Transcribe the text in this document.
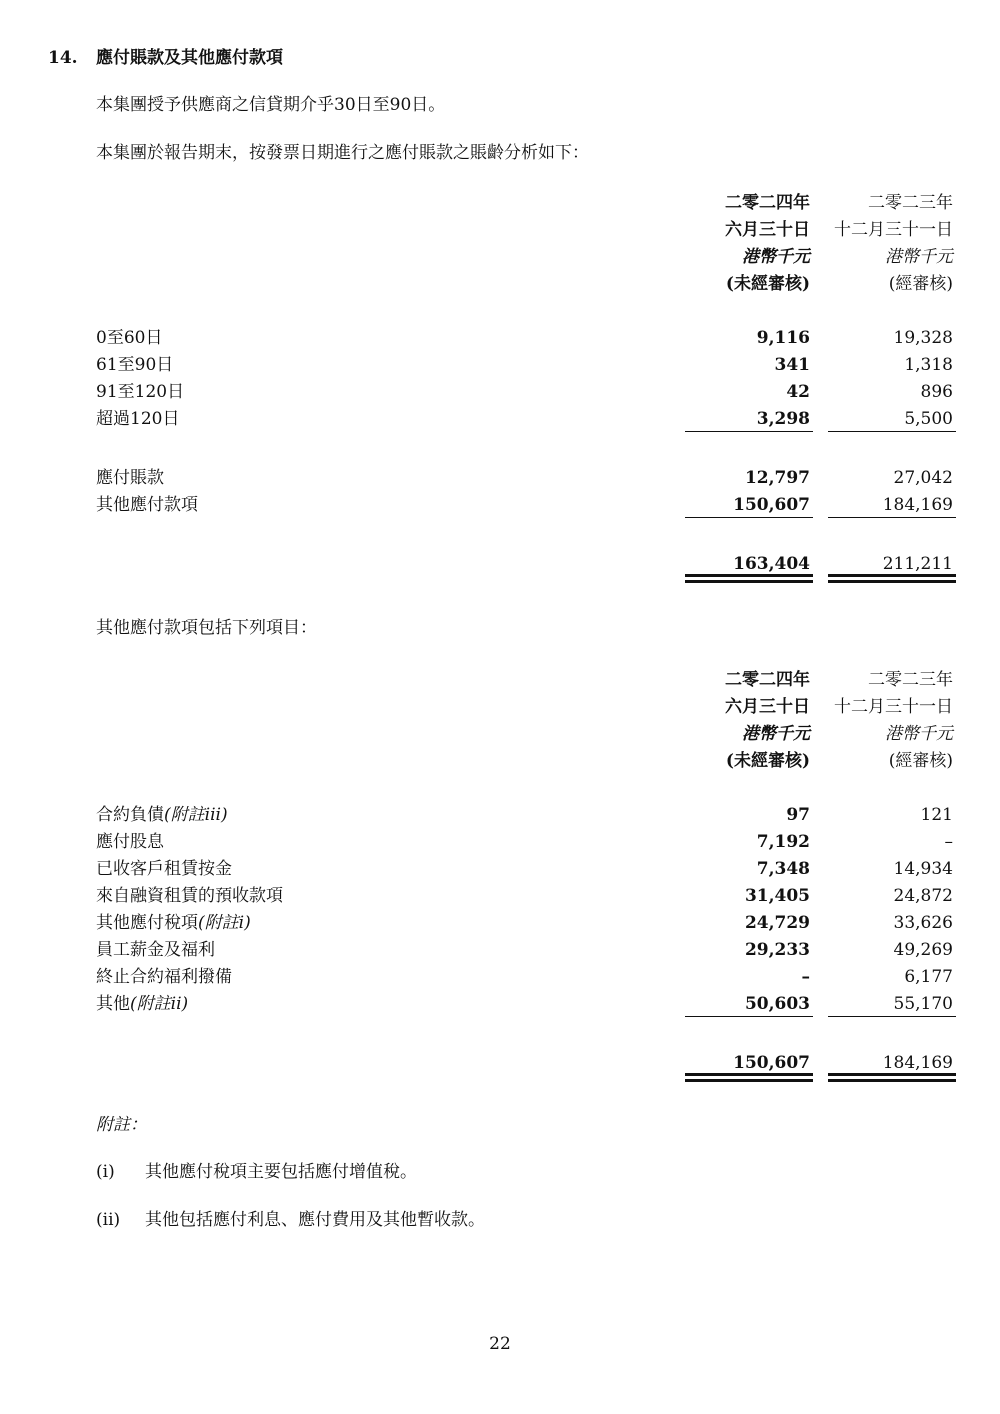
14. 應付賬款及其他應付款項
本集團授予供應商之信貸期介乎30日至90日。
本集團於報告期末，按發票日期進行之應付賬款之賬齡分析如下：
二零二四年	二零二三年
六月三十日	十二月三十一日
港幣千元	港幣千元
(未經審核)	(經審核)
0至60日	9,116	19,328
61至90日	341	1,318
91至120日	42	896
超過120日	3,298	5,500
應付賬款	12,797	27,042
其他應付款項	150,607	184,169
163,404	211,211
其他應付款項包括下列項目：
二零二四年	二零二三年
六月三十日	十二月三十一日
港幣千元	港幣千元
(未經審核)	(經審核)
合約負債(附註iii)	97	121
應付股息	7,192	–
已收客戶租賃按金	7,348	14,934
來自融資租賃的預收款項	31,405	24,872
其他應付稅項(附註i)	24,729	33,626
員工薪金及福利	29,233	49,269
終止合約福利撥備	–	6,177
其他(附註ii)	50,603	55,170
150,607	184,169
附註：
(i) 其他應付稅項主要包括應付增值稅。
(ii) 其他包括應付利息、應付費用及其他暫收款。
22
